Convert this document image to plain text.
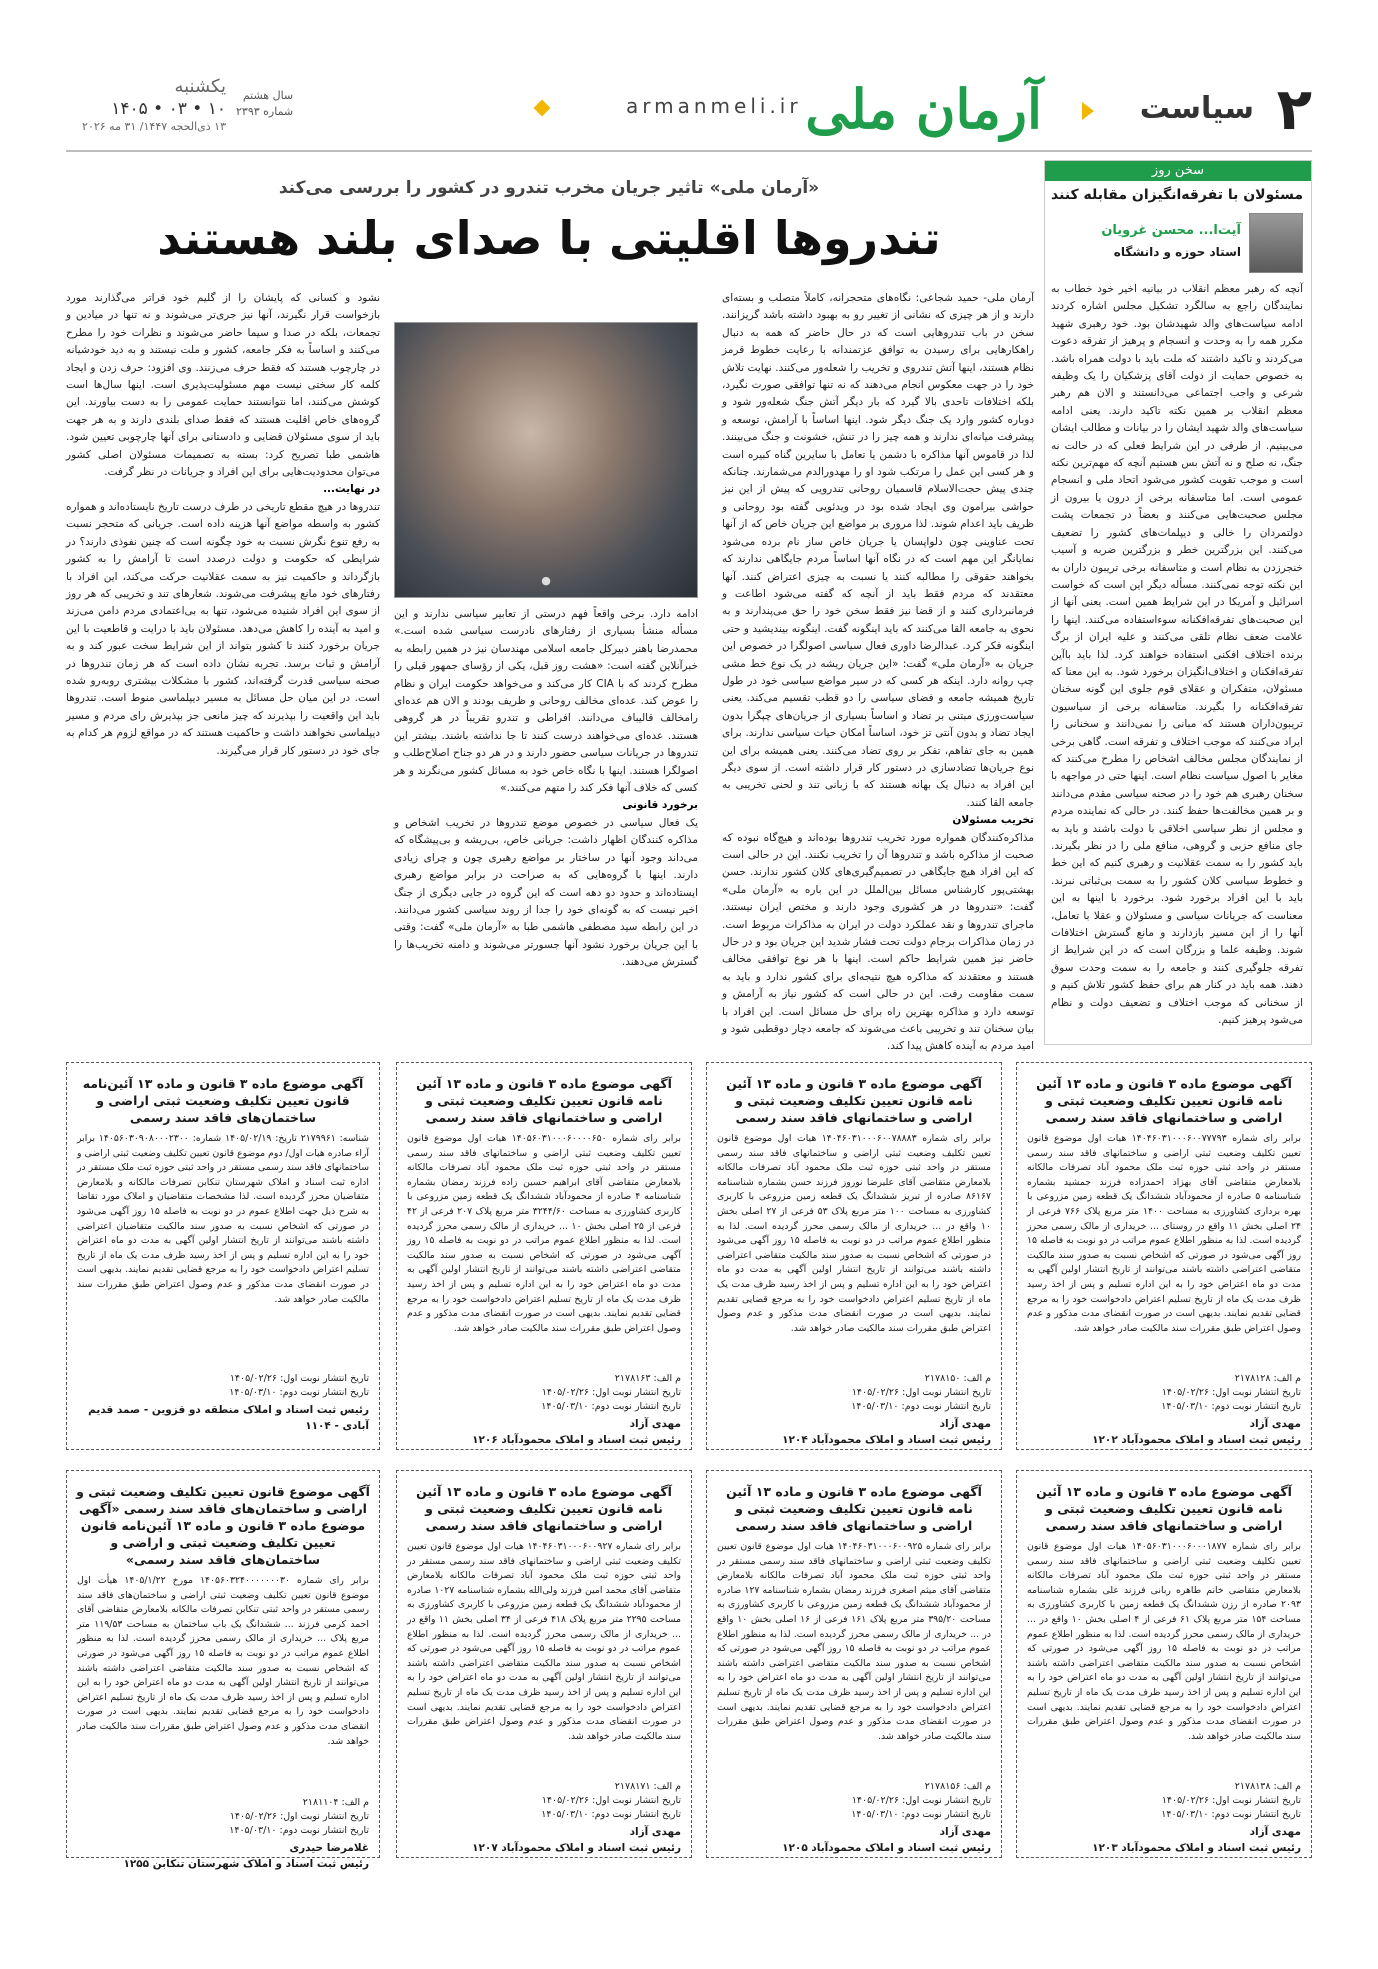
۲
سیاست
آرمان ملی
armanmeli.ir
سال هشتم
شماره ۲۳۹۳
یکشنبه
۱۰ • ۰۳ • ۱۴۰۵
۱۳ ذی‌الحجه ۱۴۴۷/ ۳۱ مه ۲۰۲۶
سخن روز
مسئولان با تفرقه‌انگیزان مقابله کنند
آیت‌ا... محسن غرویان
استاد حوزه و دانشگاه
آنچه که رهبر معظم انقلاب در بیانیه اخیر خود خطاب به نمایندگان راجع به سالگرد تشکیل مجلس اشاره کردند ادامه سیاست‌های والد شهیدشان بود. خود رهبری شهید مکرر همه را به وحدت و انسجام و پرهیز از تفرقه دعوت می‌کردند و تاکید داشتند که ملت باید با دولت همراه باشد. به خصوص حمایت از دولت آقای پزشکیان را یک وظیفه شرعی و واجب اجتماعی می‌دانستند و الان هم رهبر معظم انقلاب بر همین نکته تاکید دارند. یعنی ادامه سیاست‌های والد شهید ایشان را در بیانات و مطالب ایشان می‌بینیم. از طرفی در این شرایط فعلی که در حالت نه جنگ، نه صلح و نه آتش بس هستیم آنچه که مهم‌ترین نکته است و موجب تقویت کشور می‌شود اتحاد ملی و انسجام عمومی است. اما متاسفانه برخی از درون یا بیرون از مجلس صحبت‌هایی می‌کنند و بعضاً در تجمعات پشت دولتمردان را خالی و دیپلمات‌های کشور را تضعیف می‌کنند. این بزرگترین خطر و بزرگترین ضربه و آسیب خنجرزدن به نظام است و متاسفانه برخی تریبون داران به این نکته توجه نمی‌کنند. مسأله دیگر این است که خواست اسرائیل و آمریکا در این شرایط همین است. یعنی آنها از این صحبت‌های تفرقه‌افکنانه سوءاستفاده می‌کنند. اینها را علامت ضعف نظام تلقی می‌کنند و علیه ایران از برگ برنده اختلاف افکنی استفاده خواهند کرد. لذا باید باآین تفرقه‌افکنان و اختلاف‌انگیزان برخورد شود. به این معنا که مسئولان، متفکران و عقلای قوم جلوی این گونه سخنان تفرقه‌افکنانه را بگیرند. متاسفانه برخی از سیاسیون تریبون‌داران هستند که مبانی را نمی‌دانند و سخنانی را ایراد می‌کنند که موجب اختلاف و تفرقه است. گاهی برخی از نمایندگان مجلس مخالف اشخاص را مطرح می‌کنند که مغایر با اصول سیاست نظام است. اینها حتی در مواجهه با سخنان رهبری هم خود را در صحنه سیاسی مقدم می‌دانند و بر همین مخالفت‌ها حفظ کنند. در حالی که نماینده مردم و مجلس از نظر سیاسی اخلاقی با دولت باشند و باید به جای منافع حزبی و گروهی، منافع ملی را در نظر بگیرند. باید کشور را به سمت عقلانیت و رهبری کنیم که این خط و خطوط سیاسی کلان کشور را به سمت بی‌ثباتی نبرند. باید با این افراد برخورد شود. برخورد با اینها به این معناست که جریانات سیاسی و مسئولان و عقلا با تعامل، آنها را از این مسیر بازدارند و مانع گسترش اختلافات شوند. وظیفه علما و بزرگان است که در این شرایط از تفرقه جلوگیری کنند و جامعه را به سمت وحدت سوق دهند. همه باید در کنار هم برای حفظ کشور تلاش کنیم و از سخنانی که موجب اختلاف و تضعیف دولت و نظام می‌شود پرهیز کنیم.
«آرمان ملی» تاثیر جریان مخرب تندرو در کشور را بررسی می‌کند
تندروها اقلیتی با صدای بلند هستند
آرمان ملی- حمید شجاعی: نگاه‌های متحجرانه، کاملاً متصلب و بسته‌ای دارند و از هر چیزی که نشانی از تغییر رو به بهبود داشته باشد گریزانند. سخن در باب تندروهایی است که در حال حاضر که همه به دنبال راهکارهایی برای رسیدن به توافق عزتمندانه با رعایت خطوط قرمز نظام هستند، اینها آتش تندروی و تخریب را شعله‌ور می‌کنند. نهایت تلاش خود را در جهت معکوس انجام می‌دهند که نه تنها توافقی صورت نگیرد، بلکه اختلافات تاحدی بالا گیرد که بار دیگر آتش جنگ شعله‌ور شود و دوباره کشور وارد یک جنگ دیگر شود. اینها اساساً با آرامش، توسعه و پیشرفت میانه‌ای ندارند و همه چیز را در تنش، خشونت و جنگ می‌بینند. لذا در قاموس آنها مذاکره با دشمن یا تعامل با سایرین گناه کبیره است و هر کسی این عمل را مرتکب شود او را مهدورالدم می‌شمارند. چنانکه چندی پیش حجت‌الاسلام قاسمیان روحانی تندرویی که پیش از این نیز حواشی بیرامون وی ایجاد شده بود در ویدئویی گفته بود روحانی و ظریف باید اعدام شوند. لذا مروری بر مواضع این جریان خاص که از آنها تحت عناوینی چون دلواپسان یا جریان خاص ساز نام برده می‌شود نمایانگر این مهم است که در نگاه آنها اساساً مردم جایگاهی ندارند که بخواهند حقوقی را مطالبه کنند یا نسبت به چیزی اعتراض کنند. آنها معتقدند که مردم فقط باید از آنچه که گفته می‌شود اطاعت و فرمانبرداری کنند و از قضا نیز فقط سخن خود را حق می‌پندارند و به نحوی به جامعه القا می‌کنند که باید اینگونه گفت. اینگونه بیندیشید و حتی اینگونه فکر کرد. عبدالرضا داوری فعال سیاسی اصولگرا در خصوص این جریان به «آرمان ملی» گفت: «این جریان ریشه در یک نوع خط مشی چپ روانه دارد. اینکه هر کسی که در سیر مواضع سیاسی خود در طول تاریخ همیشه جامعه و فضای سیاسی را دو قطب تقسیم می‌کند. یعنی سیاست‌ورزی مبتنی بر تضاد و اساساً بسیاری از جریان‌های چپگرا بدون ایجاد تضاد و بدون آنتی تز خود، اساساً امکان حیات سیاسی ندارند. برای همین به جای تفاهم، تفکر بر روی تضاد می‌کنند. یعنی همیشه برای این نوع جریان‌ها تضادسازی در دستور کار قرار داشته است. از سوی دیگر این افراد به دنبال یک بهانه هستند که با زبانی تند و لحنی تخریبی به جامعه القا کنند.
تخریب مسئولان
مذاکره‌کنندگان همواره مورد تخریب تندروها بوده‌اند و هیچ‌گاه نبوده که صحبت از مذاکره باشد و تندروها آن را تخریب نکنند. این در حالی است که این افراد هیچ جایگاهی در تصمیم‌گیری‌های کلان کشور ندارند. حسن بهشتی‌پور کارشناس مسائل بین‌الملل در این باره به «آرمان ملی» گفت: «تندروها در هر کشوری وجود دارند و مختص ایران نیستند. ماجرای تندروها و نقد عملکرد دولت در ایران به مذاکرات مربوط است. در زمان مذاکرات برجام دولت تحت فشار شدید این جریان بود و در حال حاضر نیز همین شرایط حاکم است. اینها با هر نوع توافقی مخالف هستند و معتقدند که مذاکره هیچ نتیجه‌ای برای کشور ندارد و باید به سمت مقاومت رفت. این در حالی است که کشور نیاز به آرامش و توسعه دارد و مذاکره بهترین راه برای حل مسائل است. این افراد با بیان سخنان تند و تخریبی باعث می‌شوند که جامعه دچار دوقطبی شود و امید مردم به آینده کاهش پیدا کند.
ادامه دارد. برخی واقعاً فهم درستی از تعابیر سیاسی ندارند و این مسأله منشأ بسیاری از رفتارهای نادرست سیاسی شده است.» محمدرضا باهنر دبیرکل جامعه اسلامی مهندسان نیز در همین رابطه به خبرآنلاین گفته است: «هشت روز قبل، یکی از رؤسای جمهور قبلی را مطرح کردند که با CIA کار می‌کند و می‌خواهد حکومت ایران و نظام را عوض کند. عده‌ای مخالف روحانی و ظریف بودند و الان هم عده‌ای رامخالف قالیباف می‌دانند. افراطی و تندرو تقریباً در هر گروهی هستند. عده‌ای می‌خواهند درست کنند تا جا نداشته باشند. بیشتر این تندروها در جریانات سیاسی حضور دارند و در هر دو جناح اصلاح‌طلب و اصولگرا هستند. اینها با نگاه خاص خود به مسائل کشور می‌نگرند و هر کسی که خلاف آنها فکر کند را متهم می‌کنند.»
برخورد قانونی
یک فعال سیاسی در خصوص موضع تندروها در تخریب اشخاص و مذاکره کنندگان اظهار داشت: جریانی خاص، بی‌ریشه و بی‌پیشگاه که می‌داند وجود آنها در ساختار بر مواضع رهبری چون و چرای زیادی دارند. اینها با گروه‌هایی که به صراحت در برابر مواضع رهبری ایستاده‌اند و حدود دو دهه است که این گروه در جایی دیگری از جنگ اخیر نیست که به گونه‌ای خود را جدا از روند سیاسی کشور می‌دانند. در این رابطه سید مصطفی هاشمی طبا به «آرمان ملی» گفت: وقتی با این جریان برخورد نشود آنها جسورتر می‌شوند و دامنه تخریب‌ها را گسترش می‌دهند.
●
نشود و کسانی که پایشان را از گلیم خود فراتر می‌گذارند مورد بازخواست قرار نگیرند، آنها نیز جری‌تر می‌شوند و نه تنها در میادین و تجمعات، بلکه در صدا و سیما حاضر می‌شوند و نظرات خود را مطرح می‌کنند و اساساً به فکر جامعه، کشور و ملت نیستند و به دید خودشیانه در چارچوب هستند که فقط حرف می‌زنند. وی افزود: حرف زدن و ایجاد کلمه کار سختی نیست مهم مسئولیت‌پذیری است. اینها سال‌ها است کوشش می‌کنند، اما نتوانستند حمایت عمومی را به دست بیاورند. این گروه‌های خاص اقلیت هستند که فقط صدای بلندی دارند و به هر جهت باید از سوی مسئولان قضایی و دادستانی برای آنها چارچوبی تعیین شود. هاشمی طبا تصریح کرد: بسته به تصمیمات مسئولان اصلی کشور می‌توان محدودیت‌هایی برای این افراد و جریانات در نظر گرفت.
در نهایت...
تندروها در هیچ مقطع تاریخی در طرف درست تاریخ نایستاده‌اند و همواره کشور به واسطه مواضع آنها هزینه داده است. جریانی که متحجر نسبت به رفع تنوع نگرش نسبت به خود چگونه است که چنین نفوذی دارند؟ در شرایطی که حکومت و دولت درصدد است تا آرامش را به کشور بازگرداند و حاکمیت نیز به سمت عقلانیت حرکت می‌کند، این افراد با رفتارهای خود مانع پیشرفت می‌شوند. شعارهای تند و تخریبی که هر روز از سوی این افراد شنیده می‌شود، تنها به بی‌اعتمادی مردم دامن می‌زند و امید به آینده را کاهش می‌دهد. مسئولان باید با درایت و قاطعیت با این جریان برخورد کنند تا کشور بتواند از این شرایط سخت عبور کند و به آرامش و ثبات برسد. تجربه نشان داده است که هر زمان تندروها در صحنه سیاسی قدرت گرفته‌اند، کشور با مشکلات بیشتری روبه‌رو شده است. در این میان حل مسائل به مسیر دیپلماسی منوط است. تندروها باید این واقعیت را بپذیرند که چیز مانعی جز بپذیرش رای مردم و مسیر دیپلماسی نخواهند داشت و حاکمیت هستند که در مواقع لزوم هر کدام به جای خود در دستور کار قرار می‌گیرند.
آگهی موضوع ماده ۳ قانون و ماده ۱۳ آئین نامه قانون تعیین تکلیف وضعیت ثبتی و اراضی و ساختمانهای فاقد سند رسمی
برابر رای شماره ۱۴۰۴۶۰۳۱۰۰۰۶۰۰۷۷۷۹۳ هیات اول موضوع قانون تعیین تکلیف وضعیت ثبتی اراضی و ساختمانهای فاقد سند رسمی مستقر در واحد ثبتی حوزه ثبت ملک محمود آباد تصرفات مالکانه بلامعارض متقاضی آقای بهزاد احمدزاده فرزند جمشید بشماره شناسنامه ۵ صادره از محمودآباد ششدانگ یک قطعه زمین مزروعی با بهره برداری کشاورزی به مساحت ۱۴۰۰ متر مربع پلاک ۷۶۶ فرعی از ۲۴ اصلی بخش ۱۱ واقع در روستای ... خریداری از مالک رسمی محرز گردیده است. لذا به منظور اطلاع عموم مراتب در دو نوبت به فاصله ۱۵ روز آگهی می‌شود در صورتی که اشخاص نسبت به صدور سند مالکیت متقاضی اعتراضی داشته باشند می‌توانند از تاریخ انتشار اولین آگهی به مدت دو ماه اعتراض خود را به این اداره تسلیم و پس از اخذ رسید ظرف مدت یک ماه از تاریخ تسلیم اعتراض دادخواست خود را به مرجع قضایی تقدیم نمایند. بدیهی است در صورت انقضای مدت مذکور و عدم وصول اعتراض طبق مقررات سند مالکیت صادر خواهد شد.
م الف: ۲۱۷۸۱۲۸
تاریخ انتشار نوبت اول: ۱۴۰۵/۰۲/۲۶
تاریخ انتشار نوبت دوم: ۱۴۰۵/۰۳/۱۰
مهدی آزاد
رئیس ثبت اسناد و املاک محمودآباد ۱۲۰۲
آگهی موضوع ماده ۳ قانون و ماده ۱۳ آئین نامه قانون تعیین تکلیف وضعیت ثبتی و اراضی و ساختمانهای فاقد سند رسمی
برابر رای شماره ۱۴۰۴۶۰۳۱۰۰۰۶۰۰۷۸۸۸۳ هیات اول موضوع قانون تعیین تکلیف وضعیت ثبتی اراضی و ساختمانهای فاقد سند رسمی مستقر در واحد ثبتی حوزه ثبت ملک محمود آباد تصرفات مالکانه بلامعارض متقاضی آقای علیرضا نوروز فرزند حسن بشماره شناسنامه ۸۶۱۶۷ صادره از تبریز ششدانگ یک قطعه زمین مزروعی با کاربری کشاورزی به مساحت ۱۰۰ متر مربع پلاک ۵۳ فرعی از ۲۷ اصلی بخش ۱۰ واقع در ... خریداری از مالک رسمی محرز گردیده است. لذا به منظور اطلاع عموم مراتب در دو نوبت به فاصله ۱۵ روز آگهی می‌شود در صورتی که اشخاص نسبت به صدور سند مالکیت متقاضی اعتراضی داشته باشند می‌توانند از تاریخ انتشار اولین آگهی به مدت دو ماه اعتراض خود را به این اداره تسلیم و پس از اخذ رسید ظرف مدت یک ماه از تاریخ تسلیم اعتراض دادخواست خود را به مرجع قضایی تقدیم نمایند. بدیهی است در صورت انقضای مدت مذکور و عدم وصول اعتراض طبق مقررات سند مالکیت صادر خواهد شد.
م الف: ۲۱۷۸۱۵۰
تاریخ انتشار نوبت اول: ۱۴۰۵/۰۲/۲۶
تاریخ انتشار نوبت دوم: ۱۴۰۵/۰۳/۱۰
مهدی آزاد
رئیس ثبت اسناد و املاک محمودآباد ۱۲۰۴
آگهی موضوع ماده ۳ قانون و ماده ۱۳ آئین نامه قانون تعیین تکلیف وضعیت ثبتی و اراضی و ساختمانهای فاقد سند رسمی
برابر رای شماره ۱۴۰۵۶۰۳۱۰۰۰۶۰۰۰۰۶۵۰ هیات اول موضوع قانون تعیین تکلیف وضعیت ثبتی اراضی و ساختمانهای فاقد سند رسمی مستقر در واحد ثبتی حوزه ثبت ملک محمود آباد تصرفات مالکانه بلامعارض متقاضی آقای ابراهیم حسین زاده فرزند رمضان بشماره شناسنامه ۴ صادره از محمودآباد ششدانگ یک قطعه زمین مزروعی با کاربری کشاورزی به مساحت ۳۲۴۴/۶۰ متر مربع پلاک ۲۰۷ فرعی از ۴۲ فرعی از ۲۵ اصلی بخش ۱۰ ... خریداری از مالک رسمی محرز گردیده است. لذا به منظور اطلاع عموم مراتب در دو نوبت به فاصله ۱۵ روز آگهی می‌شود در صورتی که اشخاص نسبت به صدور سند مالکیت متقاضی اعتراضی داشته باشند می‌توانند از تاریخ انتشار اولین آگهی به مدت دو ماه اعتراض خود را به این اداره تسلیم و پس از اخذ رسید ظرف مدت یک ماه از تاریخ تسلیم اعتراض دادخواست خود را به مرجع قضایی تقدیم نمایند. بدیهی است در صورت انقضای مدت مذکور و عدم وصول اعتراض طبق مقررات سند مالکیت صادر خواهد شد.
م الف: ۲۱۷۸۱۶۳
تاریخ انتشار نوبت اول: ۱۴۰۵/۰۲/۲۶
تاریخ انتشار نوبت دوم: ۱۴۰۵/۰۳/۱۰
مهدی آزاد
رئیس ثبت اسناد و املاک محمودآباد ۱۲۰۶
آگهی موضوع ماده ۳ قانون و ماده ۱۳ آئین‌نامه قانون تعیین تکلیف وضعیت ثبتی اراضی و ساختمان‌های فاقد سند رسمی
شناسه: ۲۱۷۹۹۶۱ تاریخ: ۱۴۰۵/۰۲/۱۹ شماره: ۱۴۰۵۶۰۳۰۹۰۸۰۰۰۲۳۰۰ برابر آراء صادره هیات اول/ دوم موضوع قانون تعیین تکلیف وضعیت ثبتی اراضی و ساختمانهای فاقد سند رسمی مستقر در واحد ثبتی حوزه ثبت ملک مستقر در اداره ثبت اسناد و املاک شهرستان تنکابن تصرفات مالکانه و بلامعارض متقاضیان محرز گردیده است. لذا مشخصات متقاضیان و املاک مورد تقاضا به شرح ذیل جهت اطلاع عموم در دو نوبت به فاصله ۱۵ روز آگهی می‌شود در صورتی که اشخاص نسبت به صدور سند مالکیت متقاضیان اعتراضی داشته باشند می‌توانند از تاریخ انتشار اولین آگهی به مدت دو ماه اعتراض خود را به این اداره تسلیم و پس از اخذ رسید ظرف مدت یک ماه از تاریخ تسلیم اعتراض دادخواست خود را به مرجع قضایی تقدیم نمایند. بدیهی است در صورت انقضای مدت مذکور و عدم وصول اعتراض طبق مقررات سند مالکیت صادر خواهد شد.
تاریخ انتشار نوبت اول: ۱۴۰۵/۰۲/۲۶
تاریخ انتشار نوبت دوم: ۱۴۰۵/۰۳/۱۰
رئیس ثبت اسناد و املاک منطقه دو قزوین - صمد قدیم آبادی - ۱۱۰۴
آگهی موضوع ماده ۳ قانون و ماده ۱۳ آئین نامه قانون تعیین تکلیف وضعیت ثبتی و اراضی و ساختمانهای فاقد سند رسمی
برابر رای شماره ۱۴۰۵۶۰۳۱۰۰۰۶۰۰۰۱۸۷۷ هیات اول موضوع قانون تعیین تکلیف وضعیت ثبتی اراضی و ساختمانهای فاقد سند رسمی مستقر در واحد ثبتی حوزه ثبت ملک محمود آباد تصرفات مالکانه بلامعارض متقاضی خانم طاهره ربانی فرزند علی بشماره شناسنامه ۲۰۹۳ صادره از رزن ششدانگ یک قطعه زمین با کاربری کشاورزی به مساحت ۱۵۴ متر مربع پلاک ۶۱ فرعی از ۴ اصلی بخش ۱۰ واقع در ... خریداری از مالک رسمی محرز گردیده است. لذا به منظور اطلاع عموم مراتب در دو نوبت به فاصله ۱۵ روز آگهی می‌شود در صورتی که اشخاص نسبت به صدور سند مالکیت متقاضی اعتراضی داشته باشند می‌توانند از تاریخ انتشار اولین آگهی به مدت دو ماه اعتراض خود را به این اداره تسلیم و پس از اخذ رسید ظرف مدت یک ماه از تاریخ تسلیم اعتراض دادخواست خود را به مرجع قضایی تقدیم نمایند. بدیهی است در صورت انقضای مدت مذکور و عدم وصول اعتراض طبق مقررات سند مالکیت صادر خواهد شد.
م الف: ۲۱۷۸۱۳۸
تاریخ انتشار نوبت اول: ۱۴۰۵/۰۲/۲۶
تاریخ انتشار نوبت دوم: ۱۴۰۵/۰۳/۱۰
مهدی آزاد
رئیس ثبت اسناد و املاک محمودآباد ۱۲۰۳
آگهی موضوع ماده ۳ قانون و ماده ۱۳ آئین نامه قانون تعیین تکلیف وضعیت ثبتی و اراضی و ساختمانهای فاقد سند رسمی
برابر رای شماره ۱۴۰۴۶۰۳۱۰۰۰۶۰۰۹۲۵ هیات اول موضوع قانون تعیین تکلیف وضعیت ثبتی اراضی و ساختمانهای فاقد سند رسمی مستقر در واحد ثبتی حوزه ثبت ملک محمود آباد تصرفات مالکانه بلامعارض متقاضی آقای میثم اصغری فرزند رمضان بشماره شناسنامه ۱۲۷ صادره از محمودآباد ششدانگ یک قطعه زمین مزروعی با کاربری کشاورزی به مساحت ۳۹۵/۲۰ متر مربع پلاک ۱۶۱ فرعی از ۱۶ اصلی بخش ۱۰ واقع در ... خریداری از مالک رسمی محرز گردیده است. لذا به منظور اطلاع عموم مراتب در دو نوبت به فاصله ۱۵ روز آگهی می‌شود در صورتی که اشخاص نسبت به صدور سند مالکیت متقاضی اعتراضی داشته باشند می‌توانند از تاریخ انتشار اولین آگهی به مدت دو ماه اعتراض خود را به این اداره تسلیم و پس از اخذ رسید ظرف مدت یک ماه از تاریخ تسلیم اعتراض دادخواست خود را به مرجع قضایی تقدیم نمایند. بدیهی است در صورت انقضای مدت مذکور و عدم وصول اعتراض طبق مقررات سند مالکیت صادر خواهد شد.
م الف: ۲۱۷۸۱۵۶
تاریخ انتشار نوبت اول: ۱۴۰۵/۰۲/۲۶
تاریخ انتشار نوبت دوم: ۱۴۰۵/۰۳/۱۰
مهدی آزاد
رئیس ثبت اسناد و املاک محمودآباد ۱۲۰۵
آگهی موضوع ماده ۳ قانون و ماده ۱۳ آئین نامه قانون تعیین تکلیف وضعیت ثبتی و اراضی و ساختمانهای فاقد سند رسمی
برابر رای شماره ۱۴۰۴۶۰۳۱۰۰۰۶۰۰۹۲۷ هیات اول موضوع قانون تعیین تکلیف وضعیت ثبتی اراضی و ساختمانهای فاقد سند رسمی مستقر در واحد ثبتی حوزه ثبت ملک محمود آباد تصرفات مالکانه بلامعارض متقاضی آقای محمد امین فرزند ولی‌الله بشماره شناسنامه ۱۰۲۷ صادره از محمودآباد ششدانگ یک قطعه زمین مزروعی با کاربری کشاورزی به مساحت ۲۲۹۵ متر مربع پلاک ۴۱۸ فرعی از ۳۴ اصلی بخش ۱۱ واقع در ... خریداری از مالک رسمی محرز گردیده است. لذا به منظور اطلاع عموم مراتب در دو نوبت به فاصله ۱۵ روز آگهی می‌شود در صورتی که اشخاص نسبت به صدور سند مالکیت متقاضی اعتراضی داشته باشند می‌توانند از تاریخ انتشار اولین آگهی به مدت دو ماه اعتراض خود را به این اداره تسلیم و پس از اخذ رسید ظرف مدت یک ماه از تاریخ تسلیم اعتراض دادخواست خود را به مرجع قضایی تقدیم نمایند. بدیهی است در صورت انقضای مدت مذکور و عدم وصول اعتراض طبق مقررات سند مالکیت صادر خواهد شد.
م الف: ۲۱۷۸۱۷۱
تاریخ انتشار نوبت اول: ۱۴۰۵/۰۲/۲۶
تاریخ انتشار نوبت دوم: ۱۴۰۵/۰۳/۱۰
مهدی آزاد
رئیس ثبت اسناد و املاک محمودآباد ۱۲۰۷
آگهی موضوع قانون تعیین تکلیف وضعیت ثبتی و اراضی و ساختمان‌های فاقد سند رسمی «آگهی موضوع ماده ۳ قانون و ماده ۱۳ آئین‌نامه قانون تعیین تکلیف وضعیت ثبتی و اراضی و ساختمان‌های فاقد سند رسمی»
برابر رای شماره ۱۴۰۵۶۰۳۲۴۰۰۰۰۰۰۰۳۰ مورخ ۱۴۰۵/۱/۲۲ هیأت اول موضوع قانون تعیین تکلیف وضعیت ثبتی اراضی و ساختمان‌های فاقد سند رسمی مستقر در واحد ثبتی تنکابن تصرفات مالکانه بلامعارض متقاضی آقای احمد کرمی فرزند ... ششدانگ یک باب ساختمان به مساحت ۱۱۹/۵۳ متر مربع پلاک ... خریداری از مالک رسمی محرز گردیده است. لذا به منظور اطلاع عموم مراتب در دو نوبت به فاصله ۱۵ روز آگهی می‌شود در صورتی که اشخاص نسبت به صدور سند مالکیت متقاضی اعتراضی داشته باشند می‌توانند از تاریخ انتشار اولین آگهی به مدت دو ماه اعتراض خود را به این اداره تسلیم و پس از اخذ رسید ظرف مدت یک ماه از تاریخ تسلیم اعتراض دادخواست خود را به مرجع قضایی تقدیم نمایند. بدیهی است در صورت انقضای مدت مذکور و عدم وصول اعتراض طبق مقررات سند مالکیت صادر خواهد شد.
م الف: ۲۱۸۱۱۰۴
تاریخ انتشار نوبت اول: ۱۴۰۵/۰۲/۲۶
تاریخ انتشار نوبت دوم: ۱۴۰۵/۰۳/۱۰
غلامرضا حیدری
رئیس ثبت اسناد و املاک شهرستان تنکابن ۱۲۵۵
